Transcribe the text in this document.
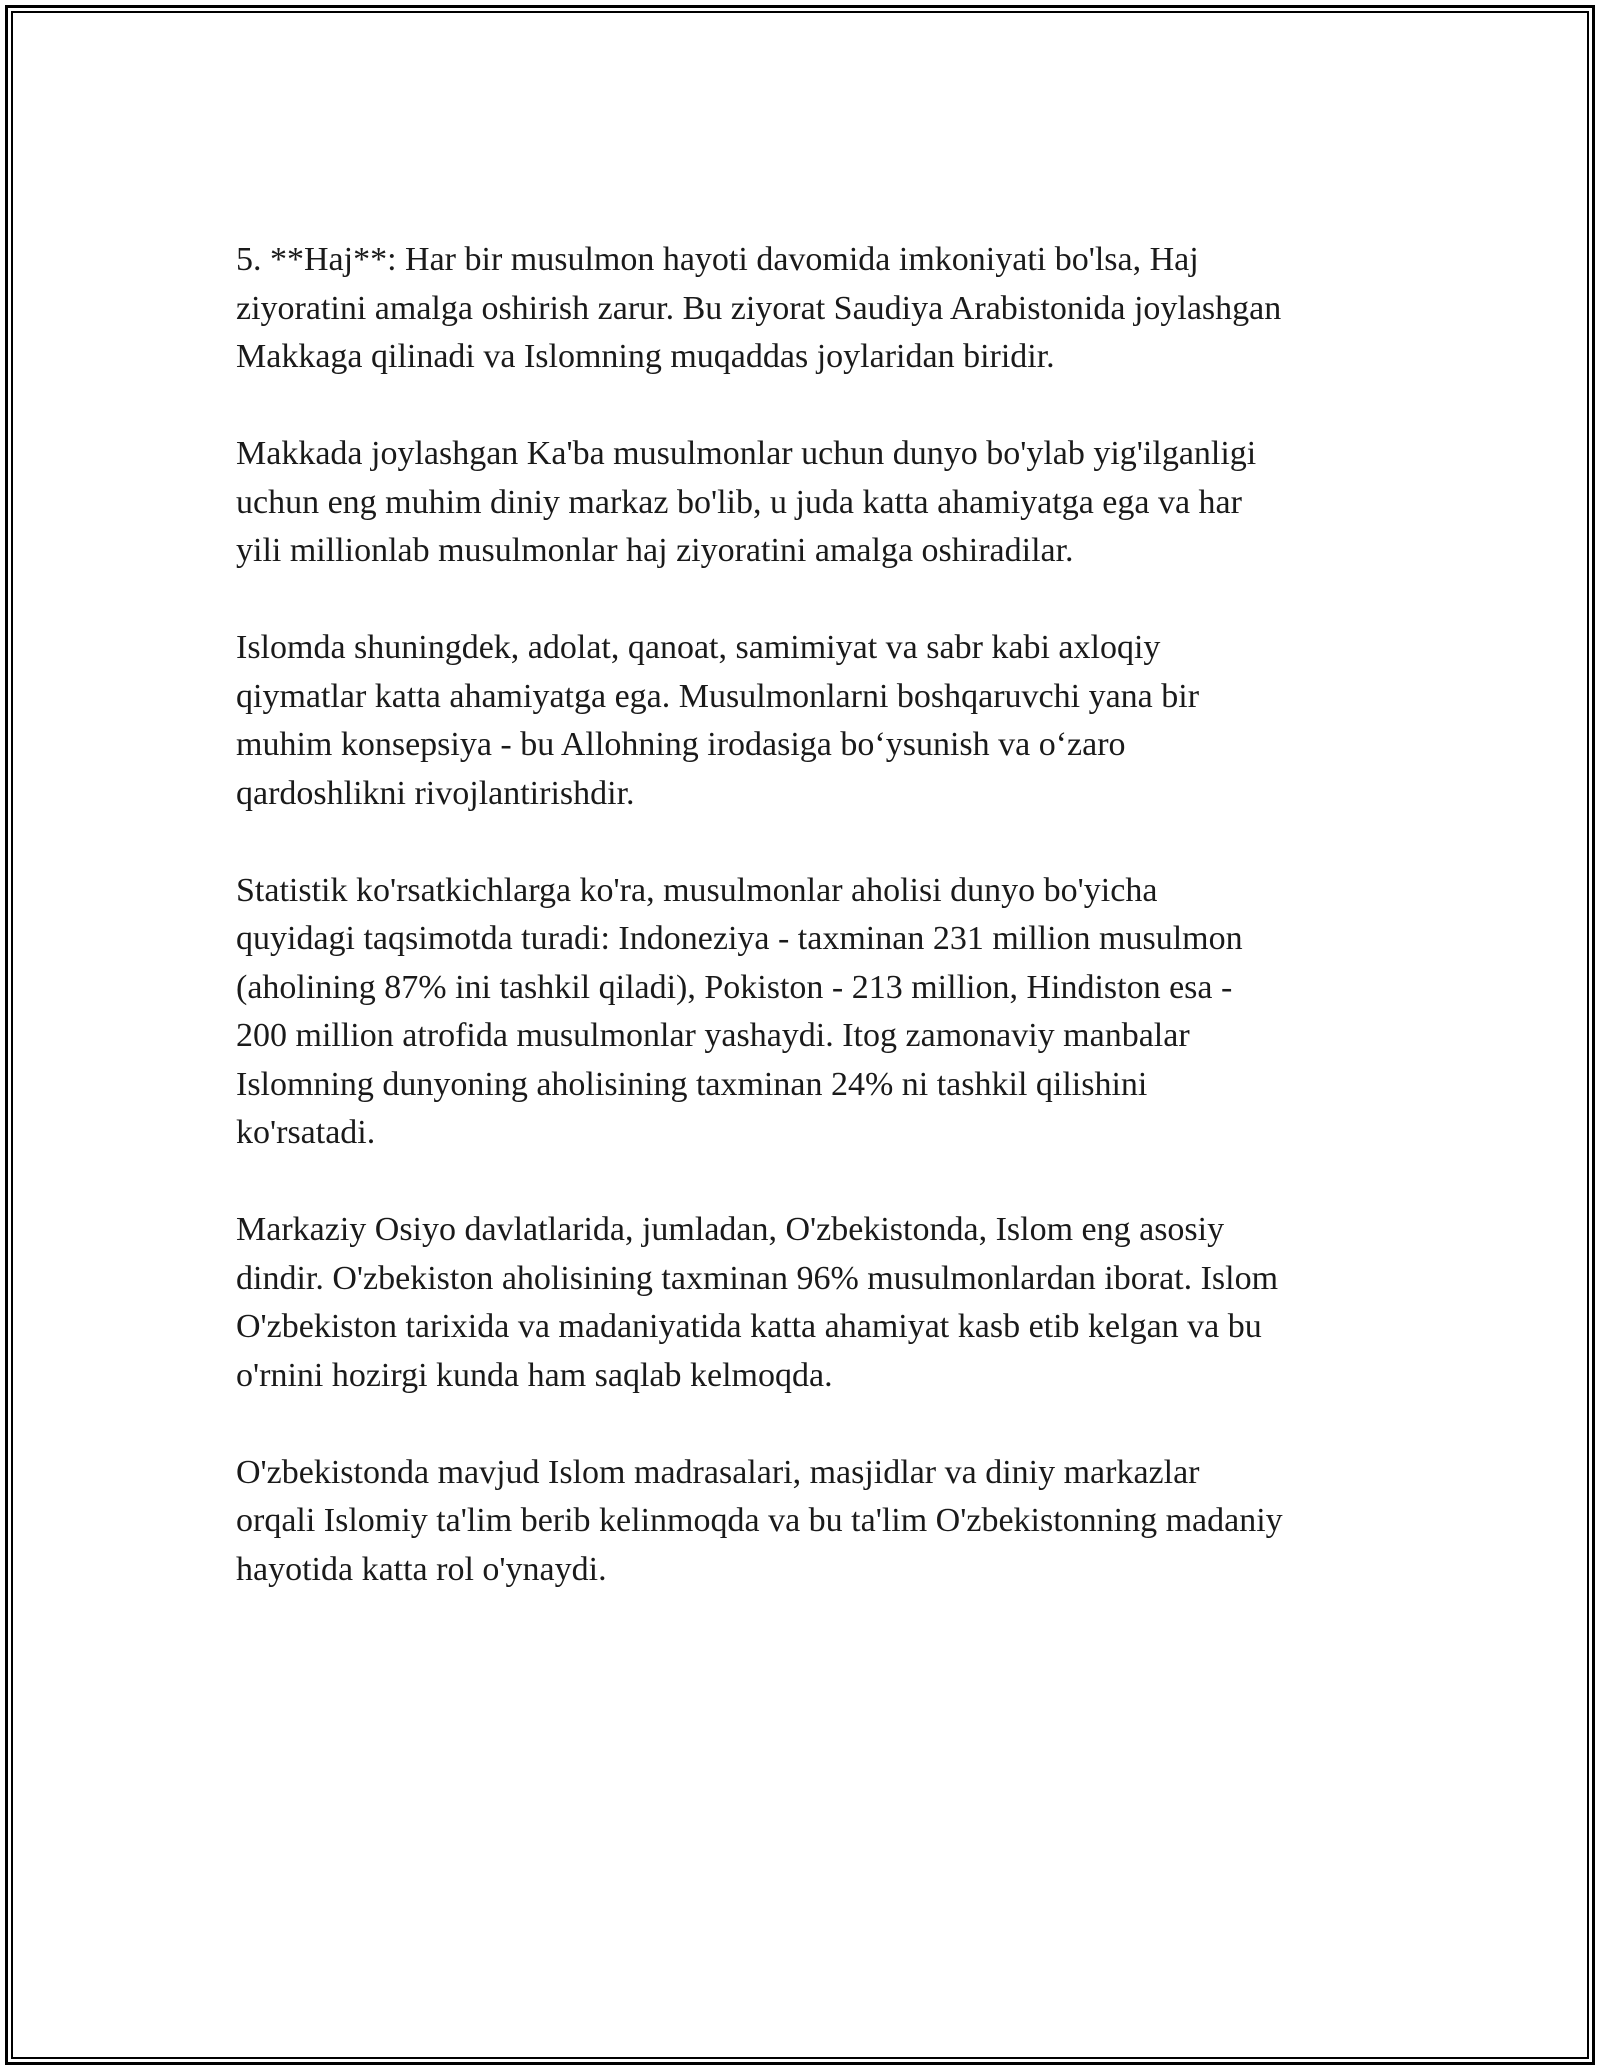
5. **Haj**: Har bir musulmon hayoti davomida imkoniyati bo'lsa, Haj
ziyoratini amalga oshirish zarur. Bu ziyorat Saudiya Arabistonida joylashgan
Makkaga qilinadi va Islomning muqaddas joylaridan biridir.

Makkada joylashgan Ka'ba musulmonlar uchun dunyo bo'ylab yig'ilganligi
uchun eng muhim diniy markaz bo'lib, u juda katta ahamiyatga ega va har
yili millionlab musulmonlar haj ziyoratini amalga oshiradilar.

Islomda shuningdek, adolat, qanoat, samimiyat va sabr kabi axloqiy
qiymatlar katta ahamiyatga ega. Musulmonlarni boshqaruvchi yana bir
muhim konsepsiya - bu Allohning irodasiga bo‘ysunish va o‘zaro
qardoshlikni rivojlantirishdir.

Statistik ko'rsatkichlarga ko'ra, musulmonlar aholisi dunyo bo'yicha
quyidagi taqsimotda turadi: Indoneziya - taxminan 231 million musulmon
(aholining 87% ini tashkil qiladi), Pokiston - 213 million, Hindiston esa -
200 million atrofida musulmonlar yashaydi. Itog zamonaviy manbalar
Islomning dunyoning aholisining taxminan 24% ni tashkil qilishini
ko'rsatadi.

Markaziy Osiyo davlatlarida, jumladan, O'zbekistonda, Islom eng asosiy
dindir. O'zbekiston aholisining taxminan 96% musulmonlardan iborat. Islom
O'zbekiston tarixida va madaniyatida katta ahamiyat kasb etib kelgan va bu
o'rnini hozirgi kunda ham saqlab kelmoqda.

O'zbekistonda mavjud Islom madrasalari, masjidlar va diniy markazlar
orqali Islomiy ta'lim berib kelinmoqda va bu ta'lim O'zbekistonning madaniy
hayotida katta rol o'ynaydi.
